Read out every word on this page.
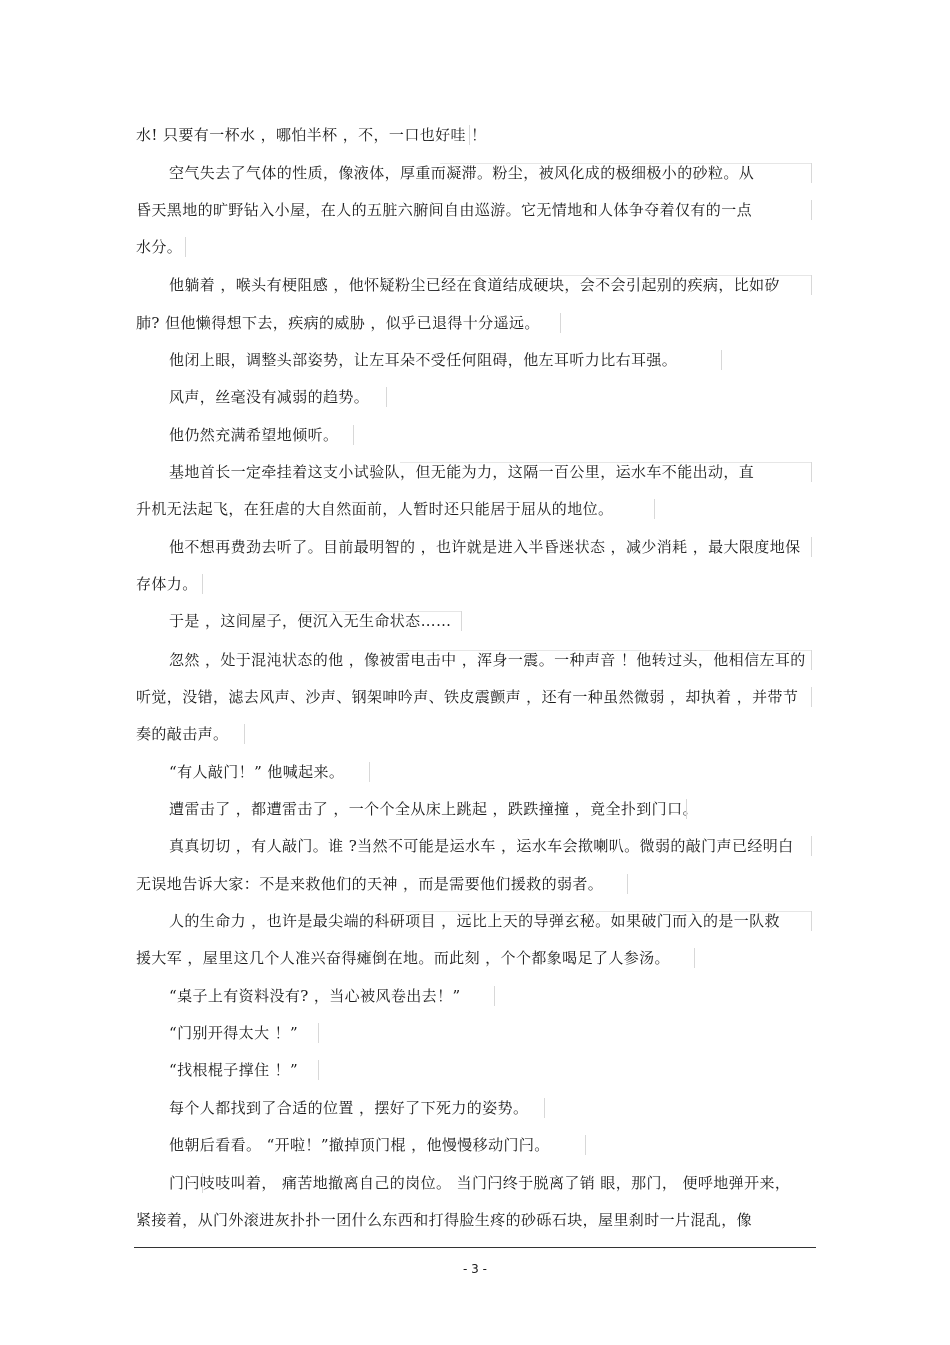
水! 只要有一杯水 ，哪怕半杯 ，不，一口也好哇 ！
空气失去了气体的性质，像液体，厚重而凝滞。粉尘，被风化成的极细极小的砂粒。从
昏天黑地的旷野钻入小屋，在人的五脏六腑间自由巡游。它无情地和人体争夺着仅有的一点
水分。
他躺着 ，喉头有梗阻感 ，他怀疑粉尘已经在食道结成硬块，会不会引起别的疾病，比如矽
肺? 但他懒得想下去，疾病的威胁 ，似乎已退得十分遥远。
他闭上眼，调整头部姿势，让左耳朵不受任何阻碍，他左耳听力比右耳强。
风声，丝毫没有减弱的趋势。
他仍然充满希望地倾听。
基地首长一定牵挂着这支小试验队，但无能为力，这隔一百公里，运水车不能出动，直
升机无法起飞，在狂虐的大自然面前，人暂时还只能居于屈从的地位。
他不想再费劲去听了。目前最明智的 ，也许就是进入半昏迷状态 ，减少消耗 ，最大限度地保
存体力。
于是 ，这间屋子，便沉入无生命状态……
忽然 ，处于混沌状态的他 ，像被雷电击中 ，浑身一震。一种声音 ！他转过头，他相信左耳的
听觉，没错，滤去风声、沙声、钢架呻吟声、铁皮震颤声 ，还有一种虽然微弱 ，却执着 ，并带节
奏的敲击声。
“有人敲门！” 他喊起来。
遭雷击了 ，都遭雷击了 ，一个个全从床上跳起 ，跌跌撞撞 ，竟全扑到门口。
真真切切 ，有人敲门。谁 ?当然不可能是运水车 ，运水车会揿喇叭。微弱的敲门声已经明白
无误地告诉大家：不是来救他们的天神 ，而是需要他们援救的弱者。
人的生命力 ，也许是最尖端的科研项目 ，远比上天的导弹玄秘。如果破门而入的是一队救
援大军 ，屋里这几个人准兴奋得瘫倒在地。而此刻 ，个个都象喝足了人参汤。
“桌子上有资料没有? ，当心被风卷出去！”
“门别开得太大 ！”
“找根棍子撑住 ！”
每个人都找到了合适的位置 ，摆好了下死力的姿势。
他朝后看看。 “开啦！”撤掉顶门棍 ，他慢慢移动门闩。
门闩吱吱叫着， 痛苦地撤离自己的岗位。 当门闩终于脱离了销 眼，那门， 便呼地弹开来，
紧接着，从门外滚进灰扑扑一团什么东西和打得脸生疼的砂砾石块，屋里刹时一片混乱，像
- 3 -
